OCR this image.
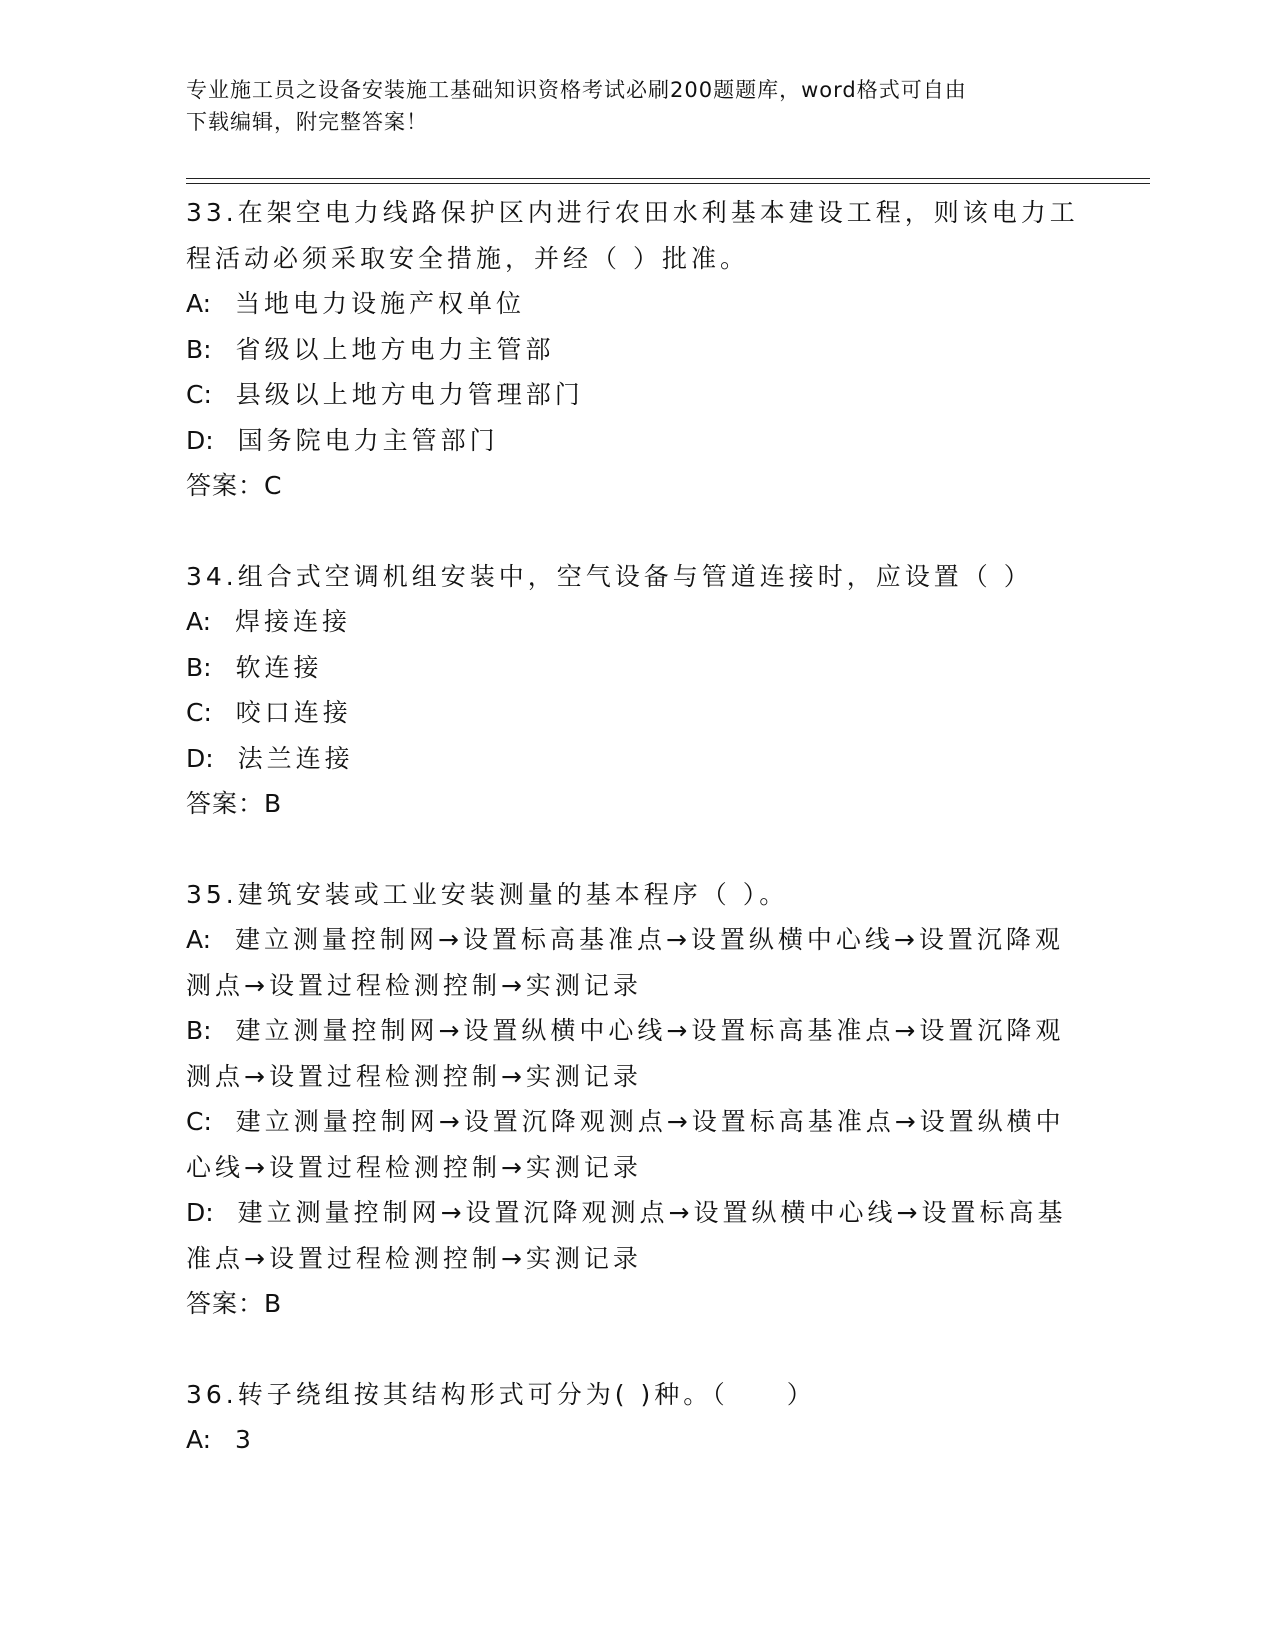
专业施工员之设备安装施工基础知识资格考试必刷200题题库，word格式可自由
下载编辑，附完整答案！
33.在架空电力线路保护区内进行农田水利基本建设工程，则该电力工
程活动必须采取安全措施，并经（ ）批准。
A: 当地电力设施产权单位
B: 省级以上地方电力主管部
C: 县级以上地方电力管理部门
D: 国务院电力主管部门
答案：C
34.组合式空调机组安装中，空气设备与管道连接时，应设置（ ）
A: 焊接连接
B: 软连接
C: 咬口连接
D: 法兰连接
答案：B
35.建筑安装或工业安装测量的基本程序（ ）。
A: 建立测量控制网→设置标高基准点→设置纵横中心线→设置沉降观
测点→设置过程检测控制→实测记录
B: 建立测量控制网→设置纵横中心线→设置标高基准点→设置沉降观
测点→设置过程检测控制→实测记录
C: 建立测量控制网→设置沉降观测点→设置标高基准点→设置纵横中
心线→设置过程检测控制→实测记录
D: 建立测量控制网→设置沉降观测点→设置纵横中心线→设置标高基
准点→设置过程检测控制→实测记录
答案：B
36.转子绕组按其结构形式可分为( )种。（　　）
A: 3
